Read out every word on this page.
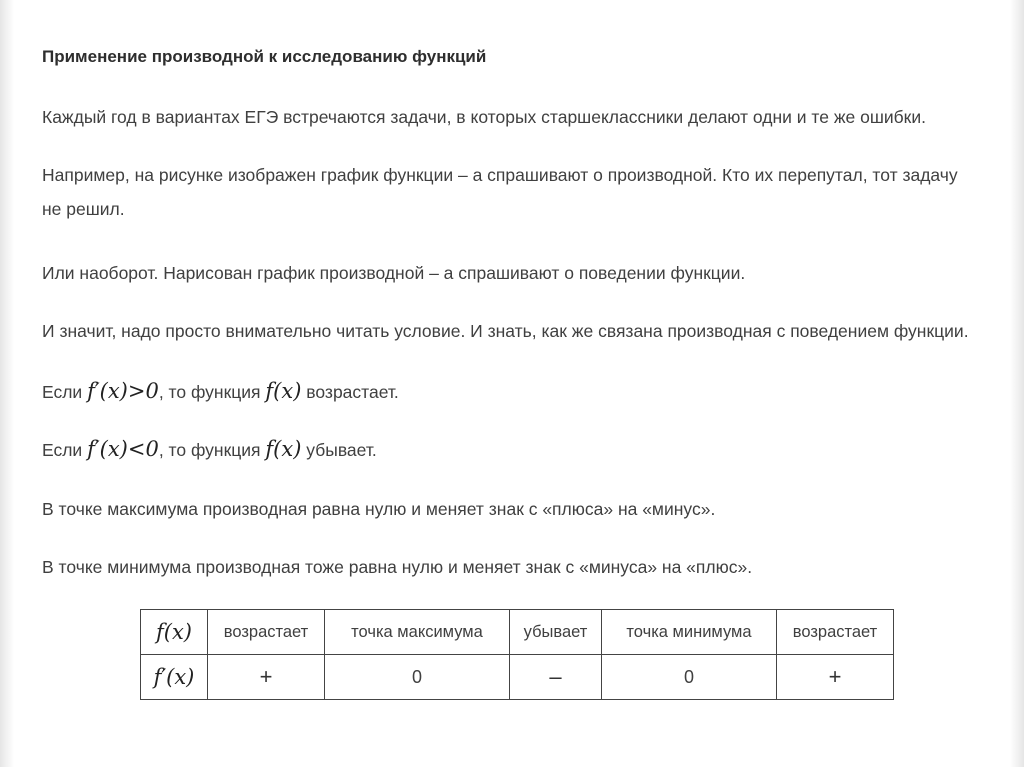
Применение производной к исследованию функций
Каждый год в вариантах ЕГЭ встречаются задачи, в которых старшеклассники делают одни и те же ошибки.
Например, на рисунке изображен график функции – а спрашивают о производной. Кто их перепутал, тот задачу
не решил.
Или наоборот. Нарисован график производной – а спрашивают о поведении функции.
И значит, надо просто внимательно читать условие. И знать, как же связана производная с поведением функции.
Если f′(x)>0, то функция f(x) возрастает.
Если f′(x)<0, то функция f(x) убывает.
В точке максимума производная равна нулю и меняет знак с «плюса» на «минус».
В точке минимума производная тоже равна нулю и меняет знак с «минуса» на «плюс».
f(x)	возрастает	точка максимума	убывает	точка минимума	возрастает
f′(x)	+	0	–	0	+
